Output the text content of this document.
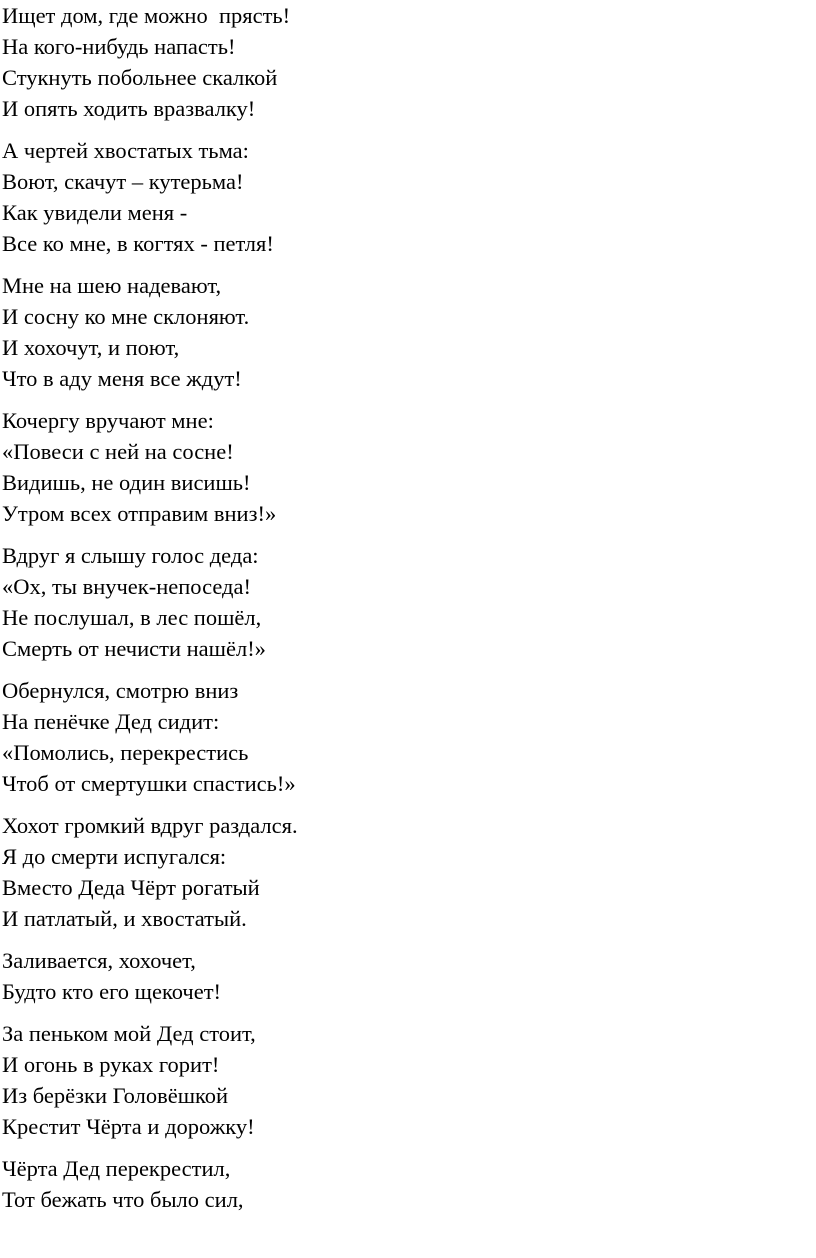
Ищет дом, где можно  прясть!
На кого-нибудь напасть!
Стукнуть побольнее скалкой
И опять ходить вразвалку!
А чертей хвостатых тьма:
Воют, скачут – кутерьма!
Как увидели меня -
Все ко мне, в когтях - петля!
Мне на шею надевают,
И сосну ко мне склоняют.
И хохочут, и поют,
Что в аду меня все ждут!
Кочергу вручают мне:
«Повеси с ней на сосне!
Видишь, не один висишь!
Утром всех отправим вниз!»
Вдруг я слышу голос деда:
«Ох, ты внучек-непоседа!
Не послушал, в лес пошёл,
Смерть от нечисти нашёл!»
Обернулся, смотрю вниз
На пенёчке Дед сидит:
«Помолись, перекрестись
Чтоб от смертушки спастись!»
Хохот громкий вдруг раздался.
Я до смерти испугался:
Вместо Деда Чёрт рогатый
И патлатый, и хвостатый.
Заливается, хохочет,
Будто кто его щекочет!
За пеньком мой Дед стоит,
И огонь в руках горит!
Из берёзки Головёшкой
Крестит Чёрта и дорожку!
Чёрта Дед перекрестил,
Тот бежать что было сил,
